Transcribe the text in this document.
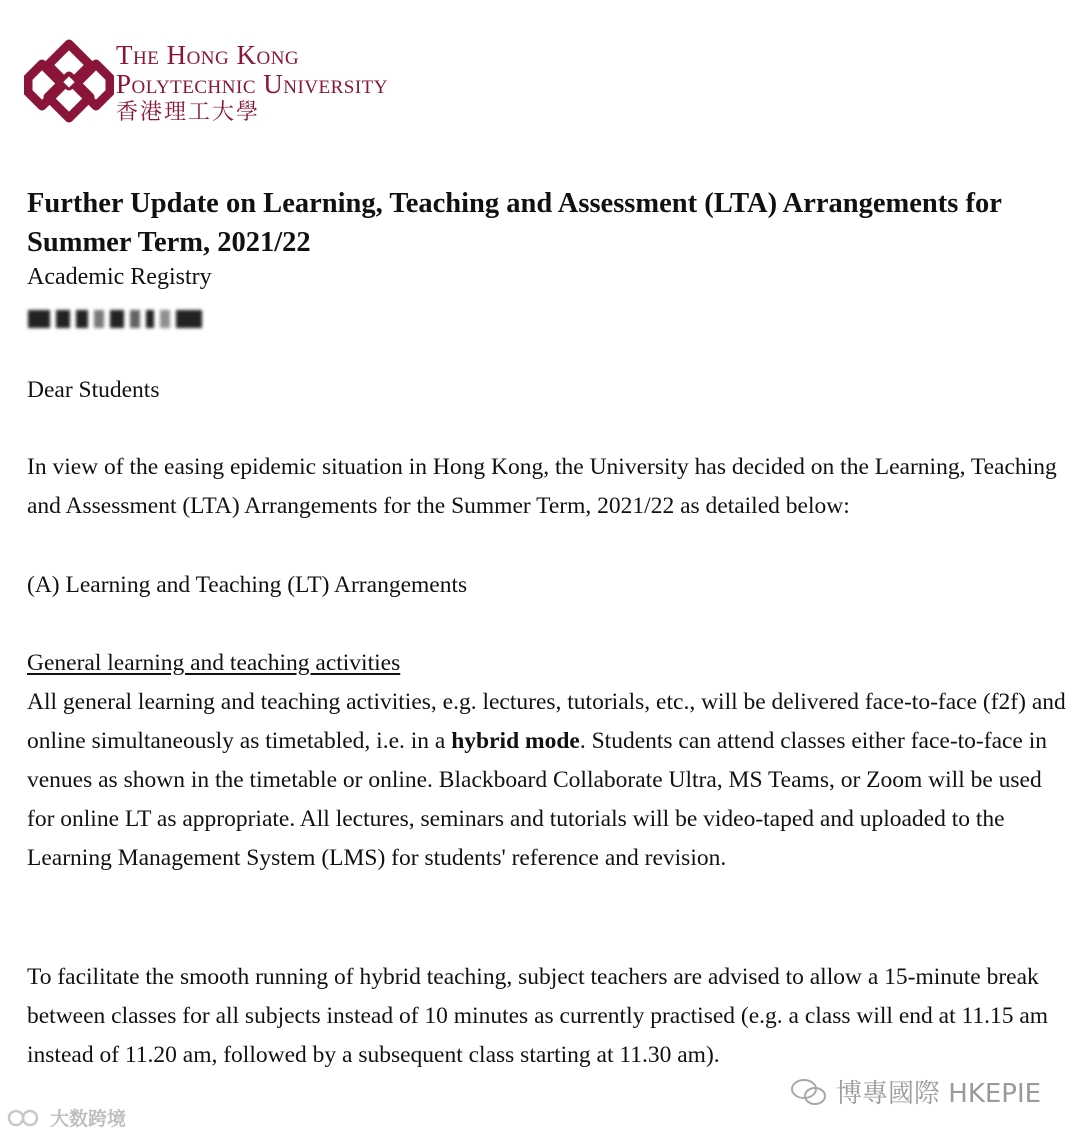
The Hong Kong
Polytechnic University
香港理工大學
Further Update on Learning, Teaching and Assessment (LTA) Arrangements for Summer Term, 2021/22
Academic Registry
Dear Students
In view of the easing epidemic situation in Hong Kong, the University has decided on the Learning, Teaching and Assessment (LTA) Arrangements for the Summer Term, 2021/22 as detailed below:
(A) Learning and Teaching (LT) Arrangements
General learning and teaching activities
All general learning and teaching activities, e.g. lectures, tutorials, etc., will be delivered face-to-face (f2f) and online simultaneously as timetabled, i.e. in a hybrid mode. Students can attend classes either face-to-face in venues as shown in the timetable or online. Blackboard Collaborate Ultra, MS Teams, or Zoom will be used for online LT as appropriate. All lectures, seminars and tutorials will be video-taped and uploaded to the Learning Management System (LMS) for students' reference and revision.
To facilitate the smooth running of hybrid teaching, subject teachers are advised to allow a 15-minute break between classes for all subjects instead of 10 minutes as currently practised (e.g. a class will end at 11.15 am instead of 11.20 am, followed by a subsequent class starting at 11.30 am).
博專國際 HKEPIE
大数跨境
